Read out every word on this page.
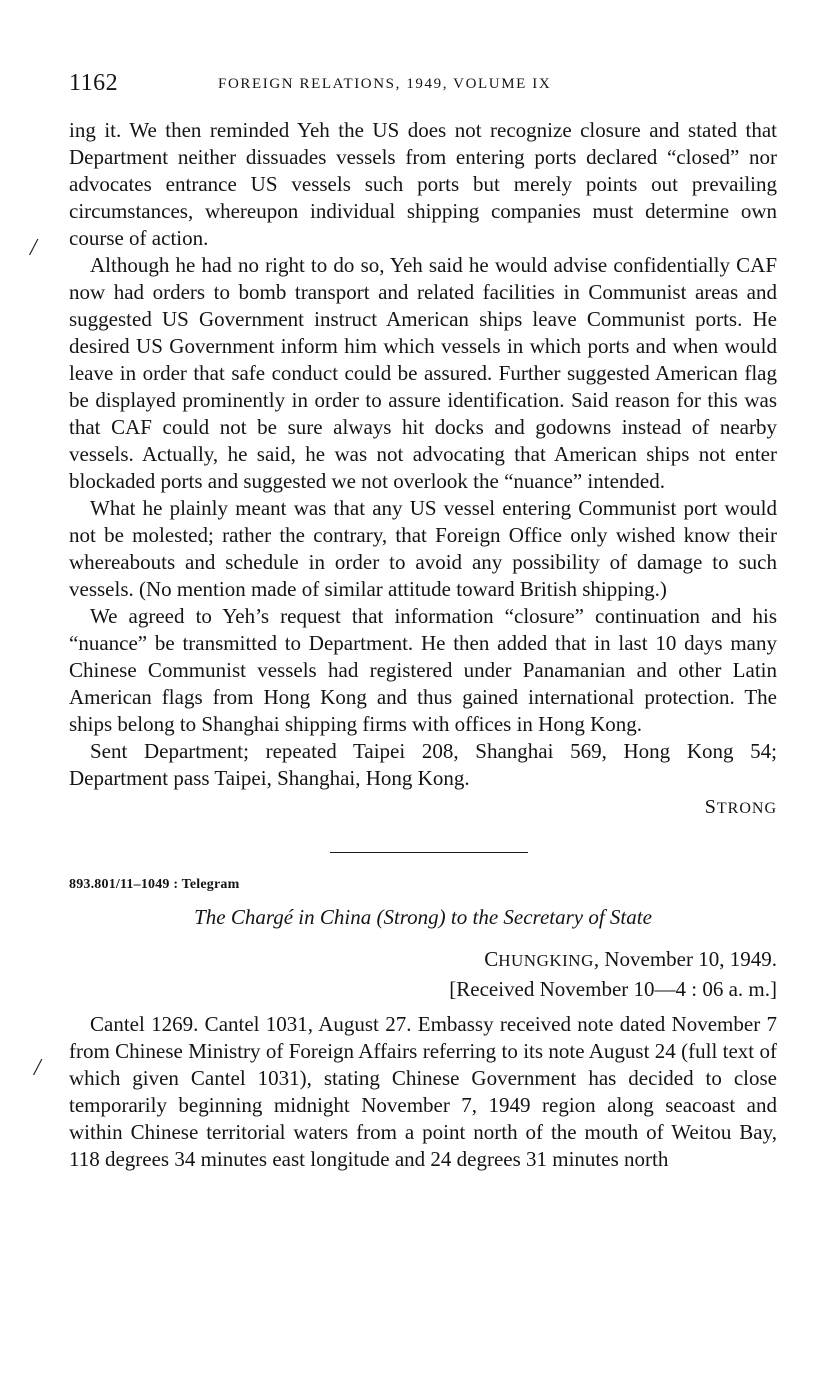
1162	FOREIGN RELATIONS, 1949, VOLUME IX
/
/

ing it. We then reminded Yeh the US does not recognize closure and stated that Department neither dissuades vessels from entering ports declared “closed” nor advocates entrance US vessels such ports but merely points out prevailing circumstances, whereupon individual shipping companies must determine own course of action.

Although he had no right to do so, Yeh said he would advise confidentially CAF now had orders to bomb transport and related facilities in Communist areas and suggested US Government instruct American ships leave Communist ports. He desired US Government inform him which vessels in which ports and when would leave in order that safe conduct could be assured. Further suggested American flag be displayed prominently in order to assure identification. Said reason for this was that CAF could not be sure always hit docks and godowns instead of nearby vessels. Actually, he said, he was not advocating that American ships not enter blockaded ports and suggested we not overlook the “nuance” intended.

What he plainly meant was that any US vessel entering Communist port would not be molested; rather the contrary, that Foreign Office only wished know their whereabouts and schedule in order to avoid any possibility of damage to such vessels. (No mention made of similar attitude toward British shipping.)

We agreed to Yeh’s request that information “closure” continuation and his “nuance” be transmitted to Department. He then added that in last 10 days many Chinese Communist vessels had registered under Panamanian and other Latin American flags from Hong Kong and thus gained international protection. The ships belong to Shanghai shipping firms with offices in Hong Kong.

Sent Department; repeated Taipei 208, Shanghai 569, Hong Kong 54; Department pass Taipei, Shanghai, Hong Kong.

STRONG
893.801/11–1049 : Telegram
The Chargé in China (Strong) to the Secretary of State
CHUNGKING, November 10, 1949.
[Received November 10—4 : 06 a. m.]

Cantel 1269. Cantel 1031, August 27. Embassy received note dated November 7 from Chinese Ministry of Foreign Affairs referring to its note August 24 (full text of which given Cantel 1031), stating Chinese Government has decided to close temporarily beginning midnight November 7, 1949 region along seacoast and within Chinese territorial waters from a point north of the mouth of Weitou Bay, 118 degrees 34 minutes east longitude and 24 degrees 31 minutes north
